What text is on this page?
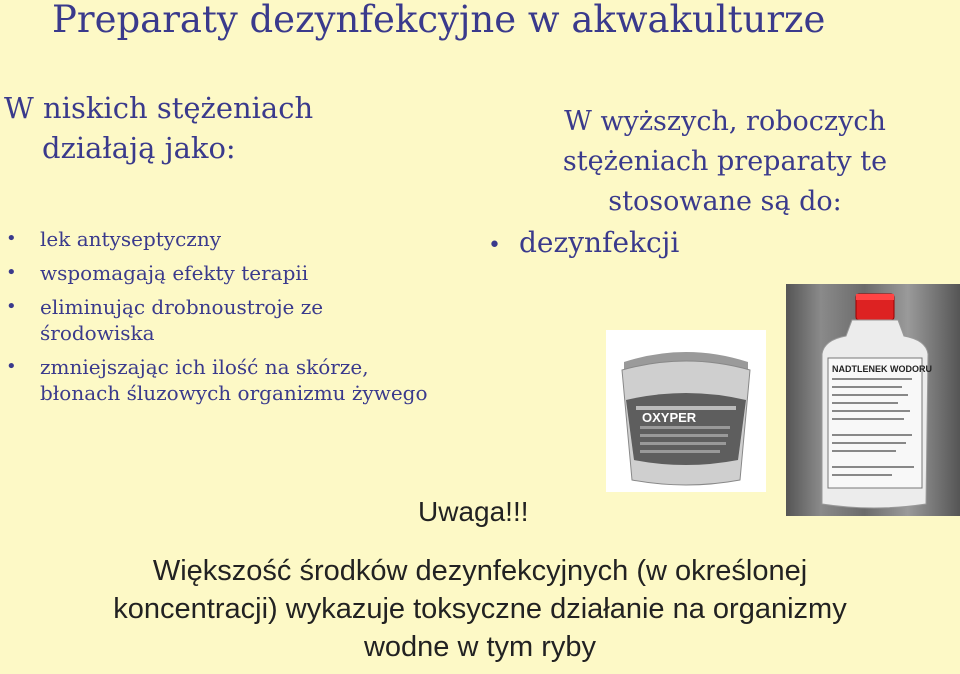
Preparaty dezynfekcyjne w akwakulturze
W niskich stężeniach
działają jako:
• lek antyseptyczny
• wspomagają efekty terapii
• eliminując drobnoustroje ze środowiska
• zmniejszając ich ilość na skórze, błonach śluzowych organizmu żywego
W wyższych, roboczych
stężeniach preparaty te
stosowane są do:
• dezynfekcji
OXYPER
NADTLENEK WODORU
Uwaga!!!
Większość środków dezynfekcyjnych (w określonej
koncentracji) wykazuje toksyczne działanie na organizmy
wodne w tym ryby
